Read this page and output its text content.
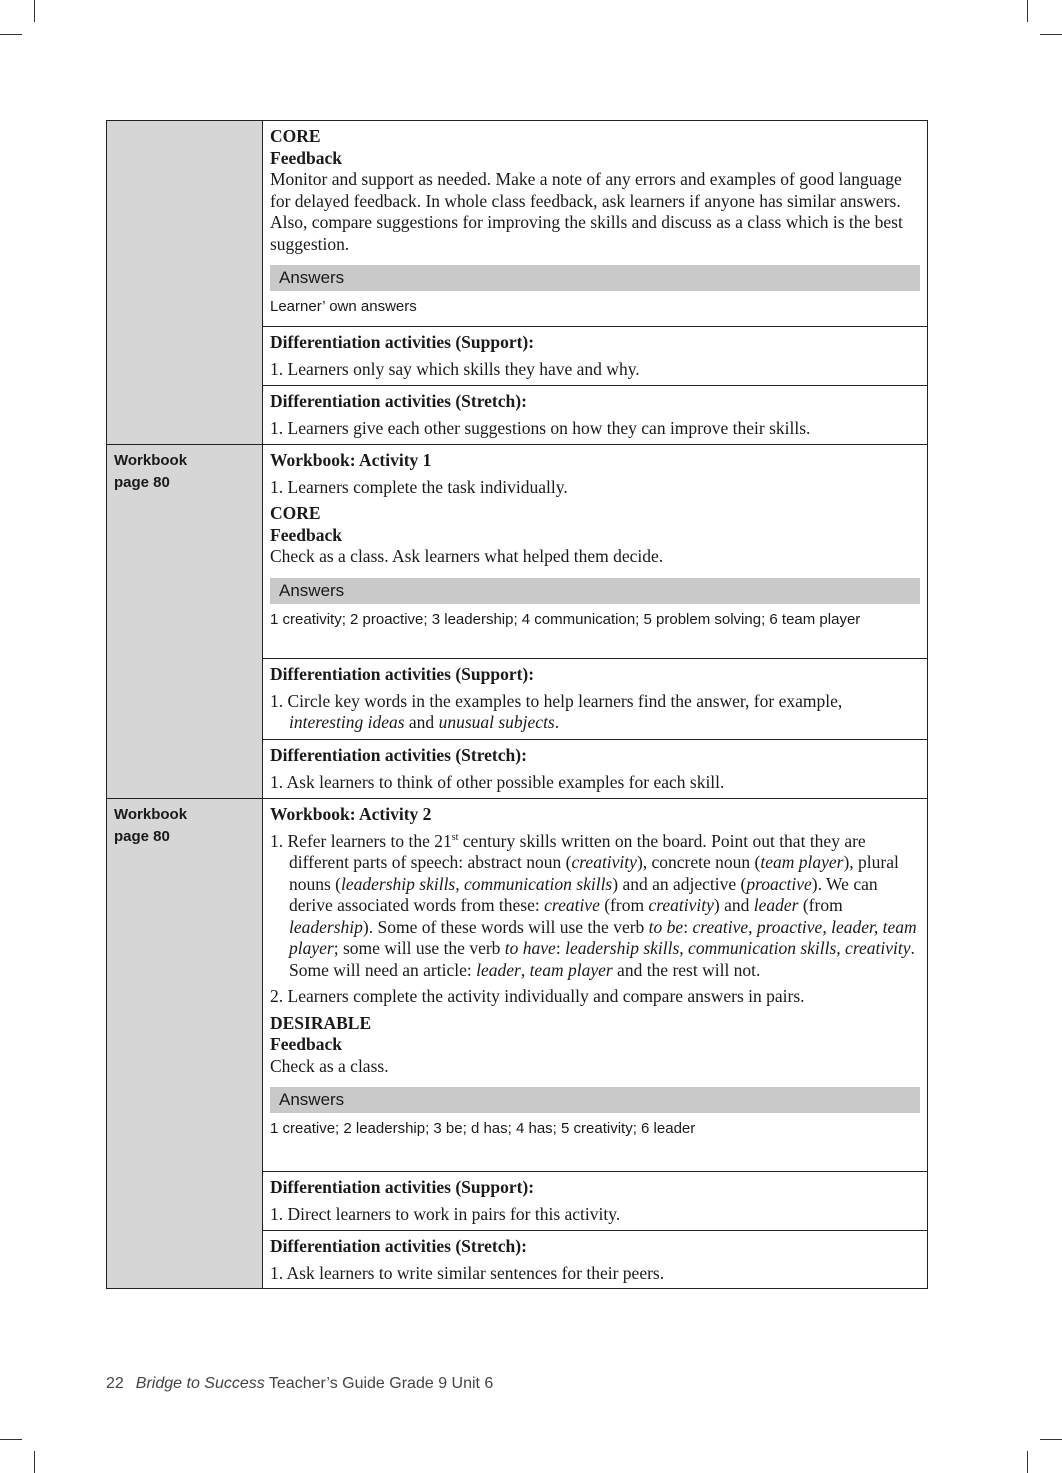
CORE
Feedback
Monitor and support as needed. Make a note of any errors and examples of good language for delayed feedback. In whole class feedback, ask learners if anyone has similar answers. Also, compare suggestions for improving the skills and discuss as a class which is the best suggestion.
Answers
Learner’ own answers
Differentiation activities (Support):
1. Learners only say which skills they have and why.
Differentiation activities (Stretch):
1. Learners give each other suggestions on how they can improve their skills.
Workbook
page 80
Workbook: Activity 1
1. Learners complete the task individually.
CORE
Feedback
Check as a class. Ask learners what helped them decide.
Answers
1 creativity; 2 proactive; 3 leadership; 4 communication; 5 problem solving; 6 team player
Differentiation activities (Support):
1. Circle key words in the examples to help learners find the answer, for example, interesting ideas and unusual subjects.
Differentiation activities (Stretch):
1. Ask learners to think of other possible examples for each skill.
Workbook
page 80
Workbook: Activity 2
1. Refer learners to the 21st century skills written on the board. Point out that they are different parts of speech: abstract noun (creativity), concrete noun (team player), plural nouns (leadership skills, communication skills) and an adjective (proactive). We can derive associated words from these: creative (from creativity) and leader (from leadership). Some of these words will use the verb to be: creative, proactive, leader, team player; some will use the verb to have: leadership skills, communication skills, creativity. Some will need an article: leader, team player and the rest will not.
2. Learners complete the activity individually and compare answers in pairs.
DESIRABLE
Feedback
Check as a class.
Answers
1 creative; 2 leadership; 3 be; d has; 4 has; 5 creativity; 6 leader
Differentiation activities (Support):
1. Direct learners to work in pairs for this activity.
Differentiation activities (Stretch):
1. Ask learners to write similar sentences for their peers.
22 Bridge to Success Teacher’s Guide Grade 9 Unit 6
